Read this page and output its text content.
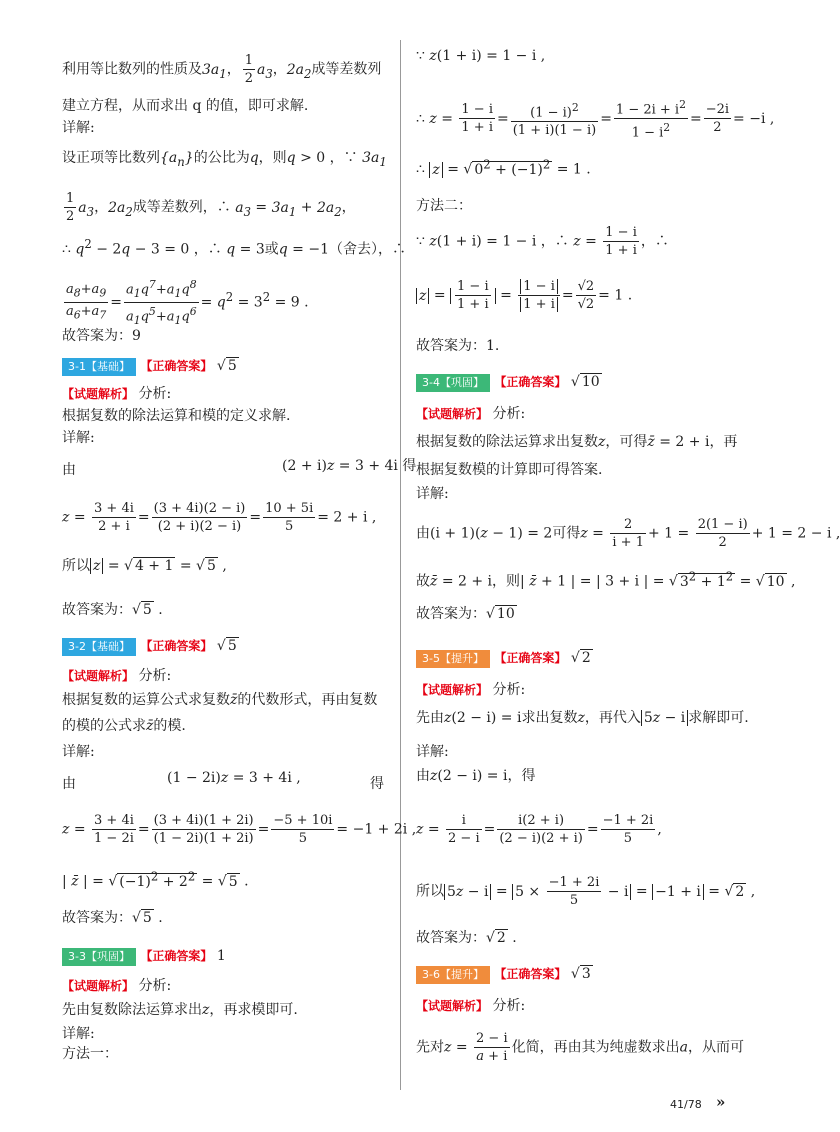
利用等比数列的性质及$3a_1$， $\frac{1}{2} a_3$，$2a_2$成等差数列
建立方程，从而求出 q 的值，即可求解.
详解:
设正项等比数列$\{a_n\}$的公比为q，则q > 0 ，∵ $3a_1$
$\frac{1}{2} a_3$，$2a_2$成等差数列，∴ $a_3 = 3a_1 + 2a_2$，
∴ $q^2 - 2q - 3 = 0$ ，∴ q = 3或q = −1（舍去），∴
$\frac{a_8+a_9}{a_6+a_7} = \frac{a_1q^7+a_1q^8}{a_1q^5+a_1q^6} = q^2 = 3^2 = 9$ .
故答案为：9
3-1【基础】 【正确答案】 √ 5
【试题解析】 分析:
根据复数的除法运算和模的定义求解.
详解:
由	(2 + i)z = 3 + 4i 得
$z = \frac{3 + 4i}{2 + i} = \frac{(3 + 4i)(2 - i)}{(2 + i)(2 - i)} = \frac{10 + 5i}{5} = 2 + i$ ,
所以 z = √ 4 + 1 = √ 5 ,
故答案为：√ 5 .
3-2【基础】 【正确答案】 √ 5
【试题解析】 分析:
根据复数的运算公式求复数z̄的代数形式，再由复数
的模的公式求z̄的模.
详解:
由	(1 − 2i)z = 3 + 4i ,	得
$z = \frac{3 + 4i}{1 - 2i} = \frac{(3 + 4i)(1 + 2i)}{(1 - 2i)(1 + 2i)} = \frac{-5 + 10i}{5} = -1 + 2i$ ,
| z̄ | = √ $(-1)^2 + 2^2$ = √ 5 .
故答案为：√ 5 .
3-3【巩固】 【正确答案】 1
【试题解析】 分析:
先由复数除法运算求出z，再求模即可.
详解:
方法一：
∵ z(1 + i) = 1 − i ,
∴ $z = \frac{1 - i}{1 + i} = \frac{(1 - i)^2}{(1 + i)(1 - i)} = \frac{1 - 2i + i^2}{1 - i^2} = \frac{-2i}{2} = -i$ ,
∴ z = √ $0^2 + (-1)^2 = 1$ .
方法二：
∵ z(1 + i) = 1 − i ，∴ $z = \frac{1 - i}{1 + i}$ ，∴
$z = \frac{1 - i}{1 + i} = \frac{1 - i}{1 + i} = \frac{√2}{√2} = 1$ .
故答案为：1.
3-4【巩固】 【正确答案】 √ 10
【试题解析】 分析:
根据复数的除法运算求出复数z，可得z̄ = 2 + i，再
根据复数模的计算即可得答案.
详解:
由(i + 1)(z − 1) = 2可得$z = \frac{2}{i + 1} + 1 = \frac{2(1 - i)}{2} + 1 = 2 - i$ ,
故z̄ = 2 + i，则| z̄ + 1 | = | 3 + i | = √ $3^2 + 1^2$ = √ 10 ,
故答案为：√ 10
3-5【提升】 【正确答案】 √ 2
【试题解析】 分析:
先由z(2 − i) = i求出复数z，再代入 5z − i 求解即可.
详解:
由z(2 − i) = i，得
$z = \frac{i}{2 - i} = \frac{i(2 + i)}{(2 - i)(2 + i)} = \frac{-1 + 2i}{5}$ ,
所以 $5z - i = 5 \times \frac{-1 + 2i}{5} - i = -1 + i$ = √ 2 ,
故答案为：√ 2 .
3-6【提升】 【正确答案】 √ 3
【试题解析】 分析:
先对$z = \frac{2 - i}{a + i}$ 化简，再由其为纯虚数求出a，从而可
41/78 »
